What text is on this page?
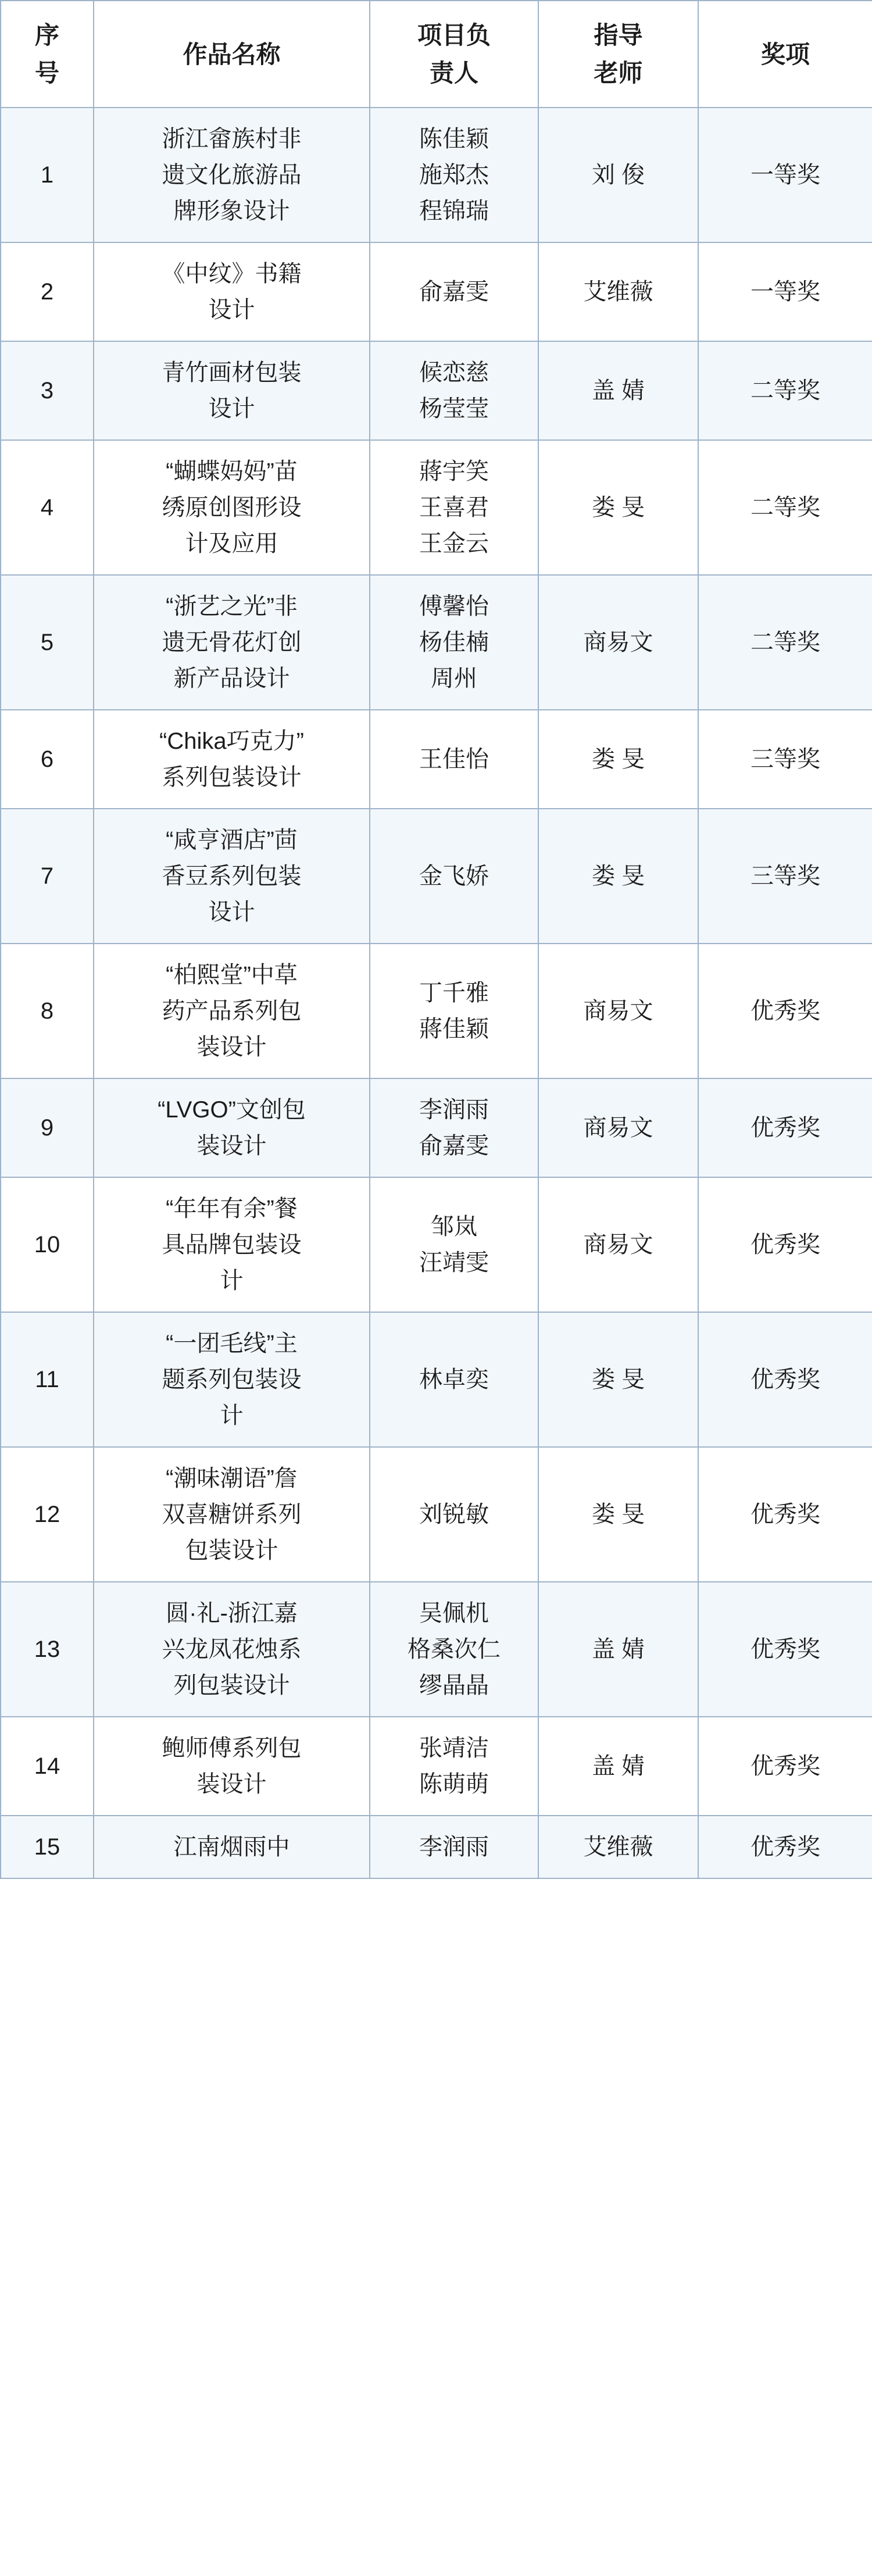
序
号	作品名称	项目负
责人	指导
老师	奖项

1	浙江畲族村非
遗文化旅游品
牌形象设计	陈佳颖
施郑杰
程锦瑞	刘 俊	一等奖
2	《中纹》书籍
设计	俞嘉雯	艾维薇	一等奖
3	青竹画材包装
设计	候恋慈
杨莹莹	盖 婧	二等奖
4	“蝴蝶妈妈”苗
绣原创图形设
计及应用	蔣宇笑
王喜君
王金云	娄 旻	二等奖
5	“浙艺之光”非
遗无骨花灯创
新产品设计	傅馨怡
杨佳楠
周州	商易文	二等奖
6	“Chika巧克力”
系列包装设计	王佳怡	娄 旻	三等奖
7	“咸亨酒店”茴
香豆系列包装
设计	金飞娇	娄 旻	三等奖
8	“柏熙堂”中草
药产品系列包
装设计	丁千雅
蔣佳颖	商易文	优秀奖
9	“LVGO”文创包
装设计	李润雨
俞嘉雯	商易文	优秀奖
10	“年年有余”餐
具品牌包装设
计	邹岚
汪靖雯	商易文	优秀奖
11	“一团毛线”主
题系列包装设
计	林卓奕	娄 旻	优秀奖
12	“潮味潮语”詹
双喜糖饼系列
包装设计	刘锐敏	娄 旻	优秀奖
13	圆·礼-浙江嘉
兴龙凤花烛系
列包装设计	吴佩机
格桑次仁
缪晶晶	盖 婧	优秀奖
14	鲍师傅系列包
装设计	张靖洁
陈萌萌	盖 婧	优秀奖
15	江南烟雨中	李润雨	艾维薇	优秀奖
